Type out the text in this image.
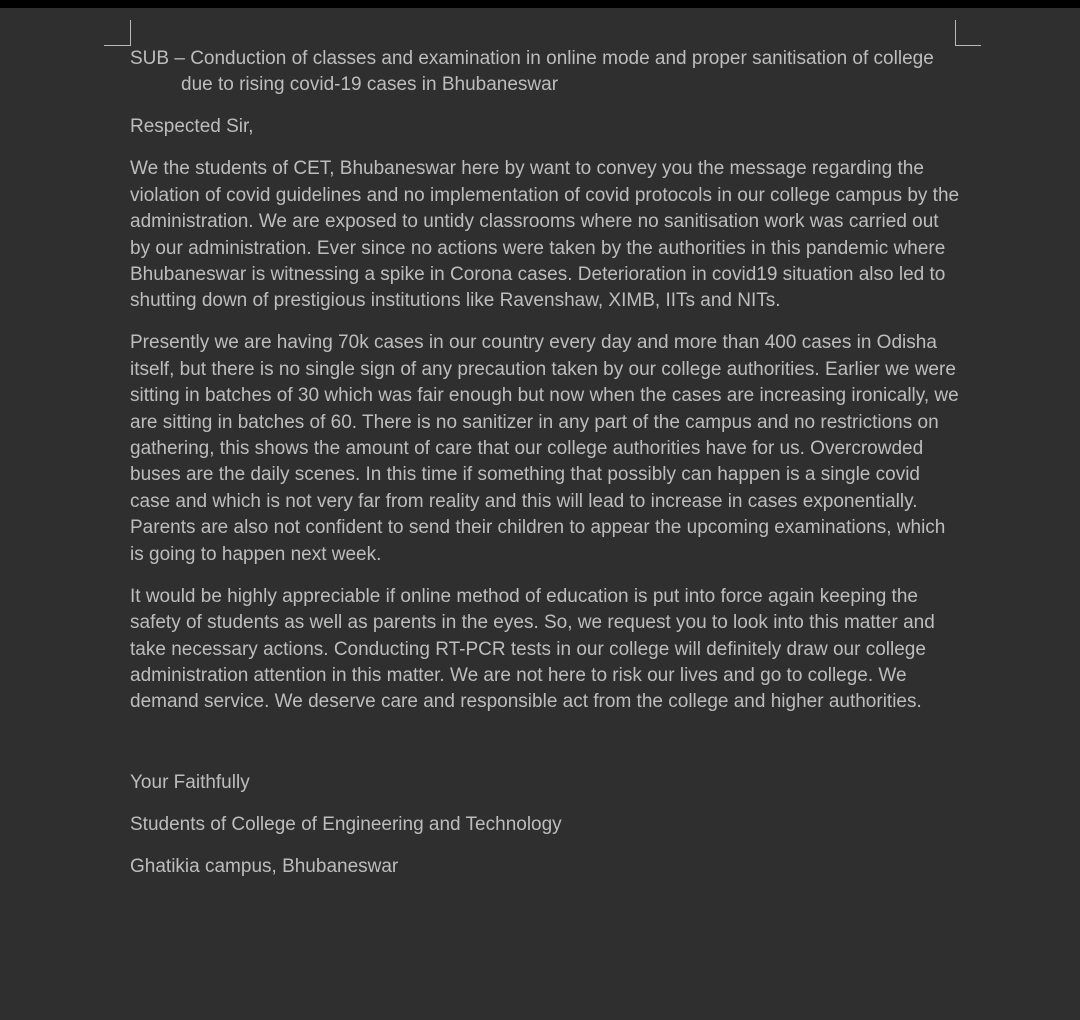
SUB – Conduction of classes and examination in online mode and proper sanitisation of college due to rising covid-19 cases in Bhubaneswar

Respected Sir,

We the students of CET, Bhubaneswar here by want to convey you the message regarding the violation of covid guidelines and no implementation of covid protocols in our college campus by the administration. We are exposed to untidy classrooms where no sanitisation work was carried out by our administration. Ever since no actions were taken by the authorities in this pandemic where Bhubaneswar is witnessing a spike in Corona cases. Deterioration in covid19 situation also led to shutting down of prestigious institutions like Ravenshaw, XIMB, IITs and NITs.

Presently we are having 70k cases in our country every day and more than 400 cases in Odisha itself, but there is no single sign of any precaution taken by our college authorities. Earlier we were sitting in batches of 30 which was fair enough but now when the cases are increasing ironically, we are sitting in batches of 60. There is no sanitizer in any part of the campus and no restrictions on gathering, this shows the amount of care that our college authorities have for us. Overcrowded buses are the daily scenes. In this time if something that possibly can happen is a single covid case and which is not very far from reality and this will lead to increase in cases exponentially. Parents are also not confident to send their children to appear the upcoming examinations, which is going to happen next week.

It would be highly appreciable if online method of education is put into force again keeping the safety of students as well as parents in the eyes. So, we request you to look into this matter and take necessary actions. Conducting RT-PCR tests in our college will definitely draw our college administration attention in this matter. We are not here to risk our lives and go to college. We demand service. We deserve care and responsible act from the college and higher authorities.

Your Faithfully

Students of College of Engineering and Technology

Ghatikia campus, Bhubaneswar
